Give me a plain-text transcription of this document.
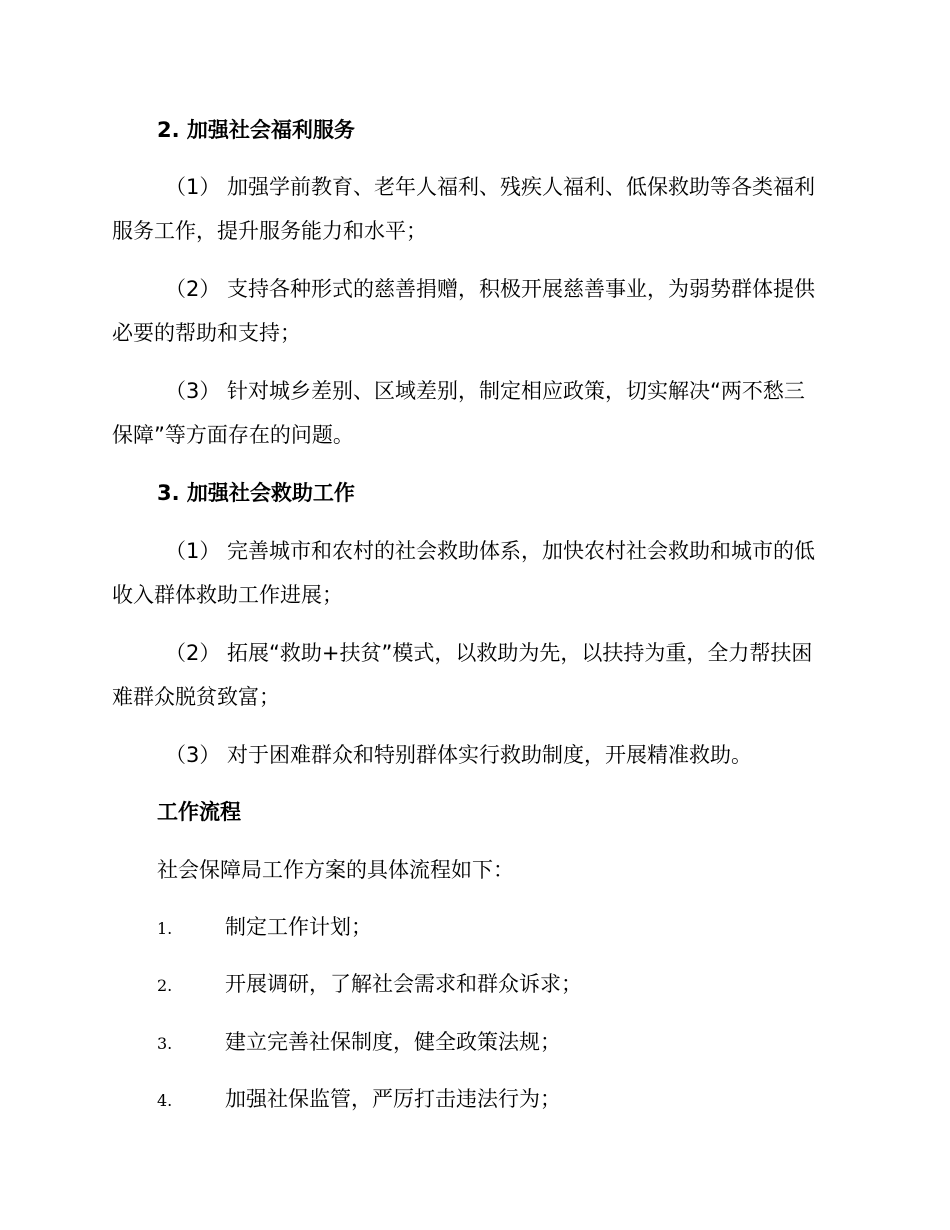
2. 加强社会福利服务
（1） 加强学前教育、老年人福利、残疾人福利、低保救助等各类福利
服务工作，提升服务能力和水平；
（2） 支持各种形式的慈善捐赠，积极开展慈善事业，为弱势群体提供
必要的帮助和支持；
（3） 针对城乡差别、区域差别，制定相应政策，切实解决“两不愁三
保障”等方面存在的问题。
3. 加强社会救助工作
（1） 完善城市和农村的社会救助体系，加快农村社会救助和城市的低
收入群体救助工作进展；
（2） 拓展“救助+扶贫”模式，以救助为先，以扶持为重，全力帮扶困
难群众脱贫致富；
（3） 对于困难群众和特别群体实行救助制度，开展精准救助。
工作流程
社会保障局工作方案的具体流程如下：
1.	制定工作计划；
2.	开展调研，了解社会需求和群众诉求；
3.	建立完善社保制度，健全政策法规；
4.	加强社保监管，严厉打击违法行为；
